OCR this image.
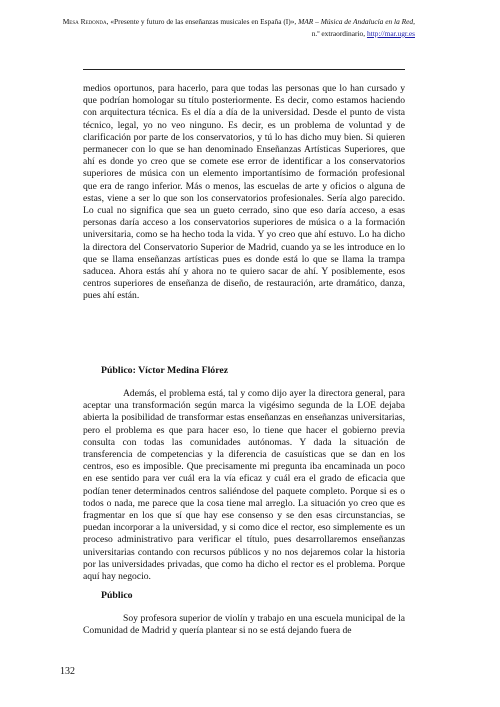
Mesa Redonda, «Presente y futuro de las enseñanzas musicales en España (I)», MAR – Música de Andalucía en la Red, n.º extraordinario, http://mar.ugr.es

medios oportunos, para hacerlo, para que todas las personas que lo han cursado y que podrían homologar su título posteriormente. Es decir, como estamos haciendo con arquitectura técnica. Es el día a día de la universidad. Desde el punto de vista técnico, legal, yo no veo ninguno. Es decir, es un problema de voluntad y de clarificación por parte de los conservatorios, y tú lo has dicho muy bien. Si quieren permanecer con lo que se han denominado Enseñanzas Artísticas Superiores, que ahí es donde yo creo que se comete ese error de identificar a los conservatorios superiores de música con un elemento importantísimo de formación profesional que era de rango inferior. Más o menos, las escuelas de arte y oficios o alguna de estas, viene a ser lo que son los conservatorios profesionales. Sería algo parecido. Lo cual no significa que sea un gueto cerrado, sino que eso daría acceso, a esas personas daría acceso a los conservatorios superiores de música o a la formación universitaria, como se ha hecho toda la vida. Y yo creo que ahí estuvo. Lo ha dicho la directora del Conservatorio Superior de Madrid, cuando ya se les introduce en lo que se llama enseñanzas artísticas pues es donde está lo que se llama la trampa saducea. Ahora estás ahí y ahora no te quiero sacar de ahí. Y posiblemente, esos centros superiores de enseñanza de diseño, de restauración, arte dramático, danza, pues ahí están.

Público: Víctor Medina Flórez

Además, el problema está, tal y como dijo ayer la directora general, para aceptar una transformación según marca la vigésimo segunda de la LOE dejaba abierta la posibilidad de transformar estas enseñanzas en enseñanzas universitarias, pero el problema es que para hacer eso, lo tiene que hacer el gobierno previa consulta con todas las comunidades autónomas. Y dada la situación de transferencia de competencias y la diferencia de casuísticas que se dan en los centros, eso es imposible. Que precisamente mi pregunta iba encaminada un poco en ese sentido para ver cuál era la vía eficaz y cuál era el grado de eficacia que podían tener determinados centros saliéndose del paquete completo. Porque si es o todos o nada, me parece que la cosa tiene mal arreglo. La situación yo creo que es fragmentar en los que sí que hay ese consenso y se den esas circunstancias, se puedan incorporar a la universidad, y si como dice el rector, eso simplemente es un proceso administrativo para verificar el título, pues desarrollaremos enseñanzas universitarias contando con recursos públicos y no nos dejaremos colar la historia por las universidades privadas, que como ha dicho el rector es el problema. Porque aquí hay negocio.

Público

Soy profesora superior de violín y trabajo en una escuela municipal de la Comunidad de Madrid y quería plantear si no se está dejando fuera de

132
